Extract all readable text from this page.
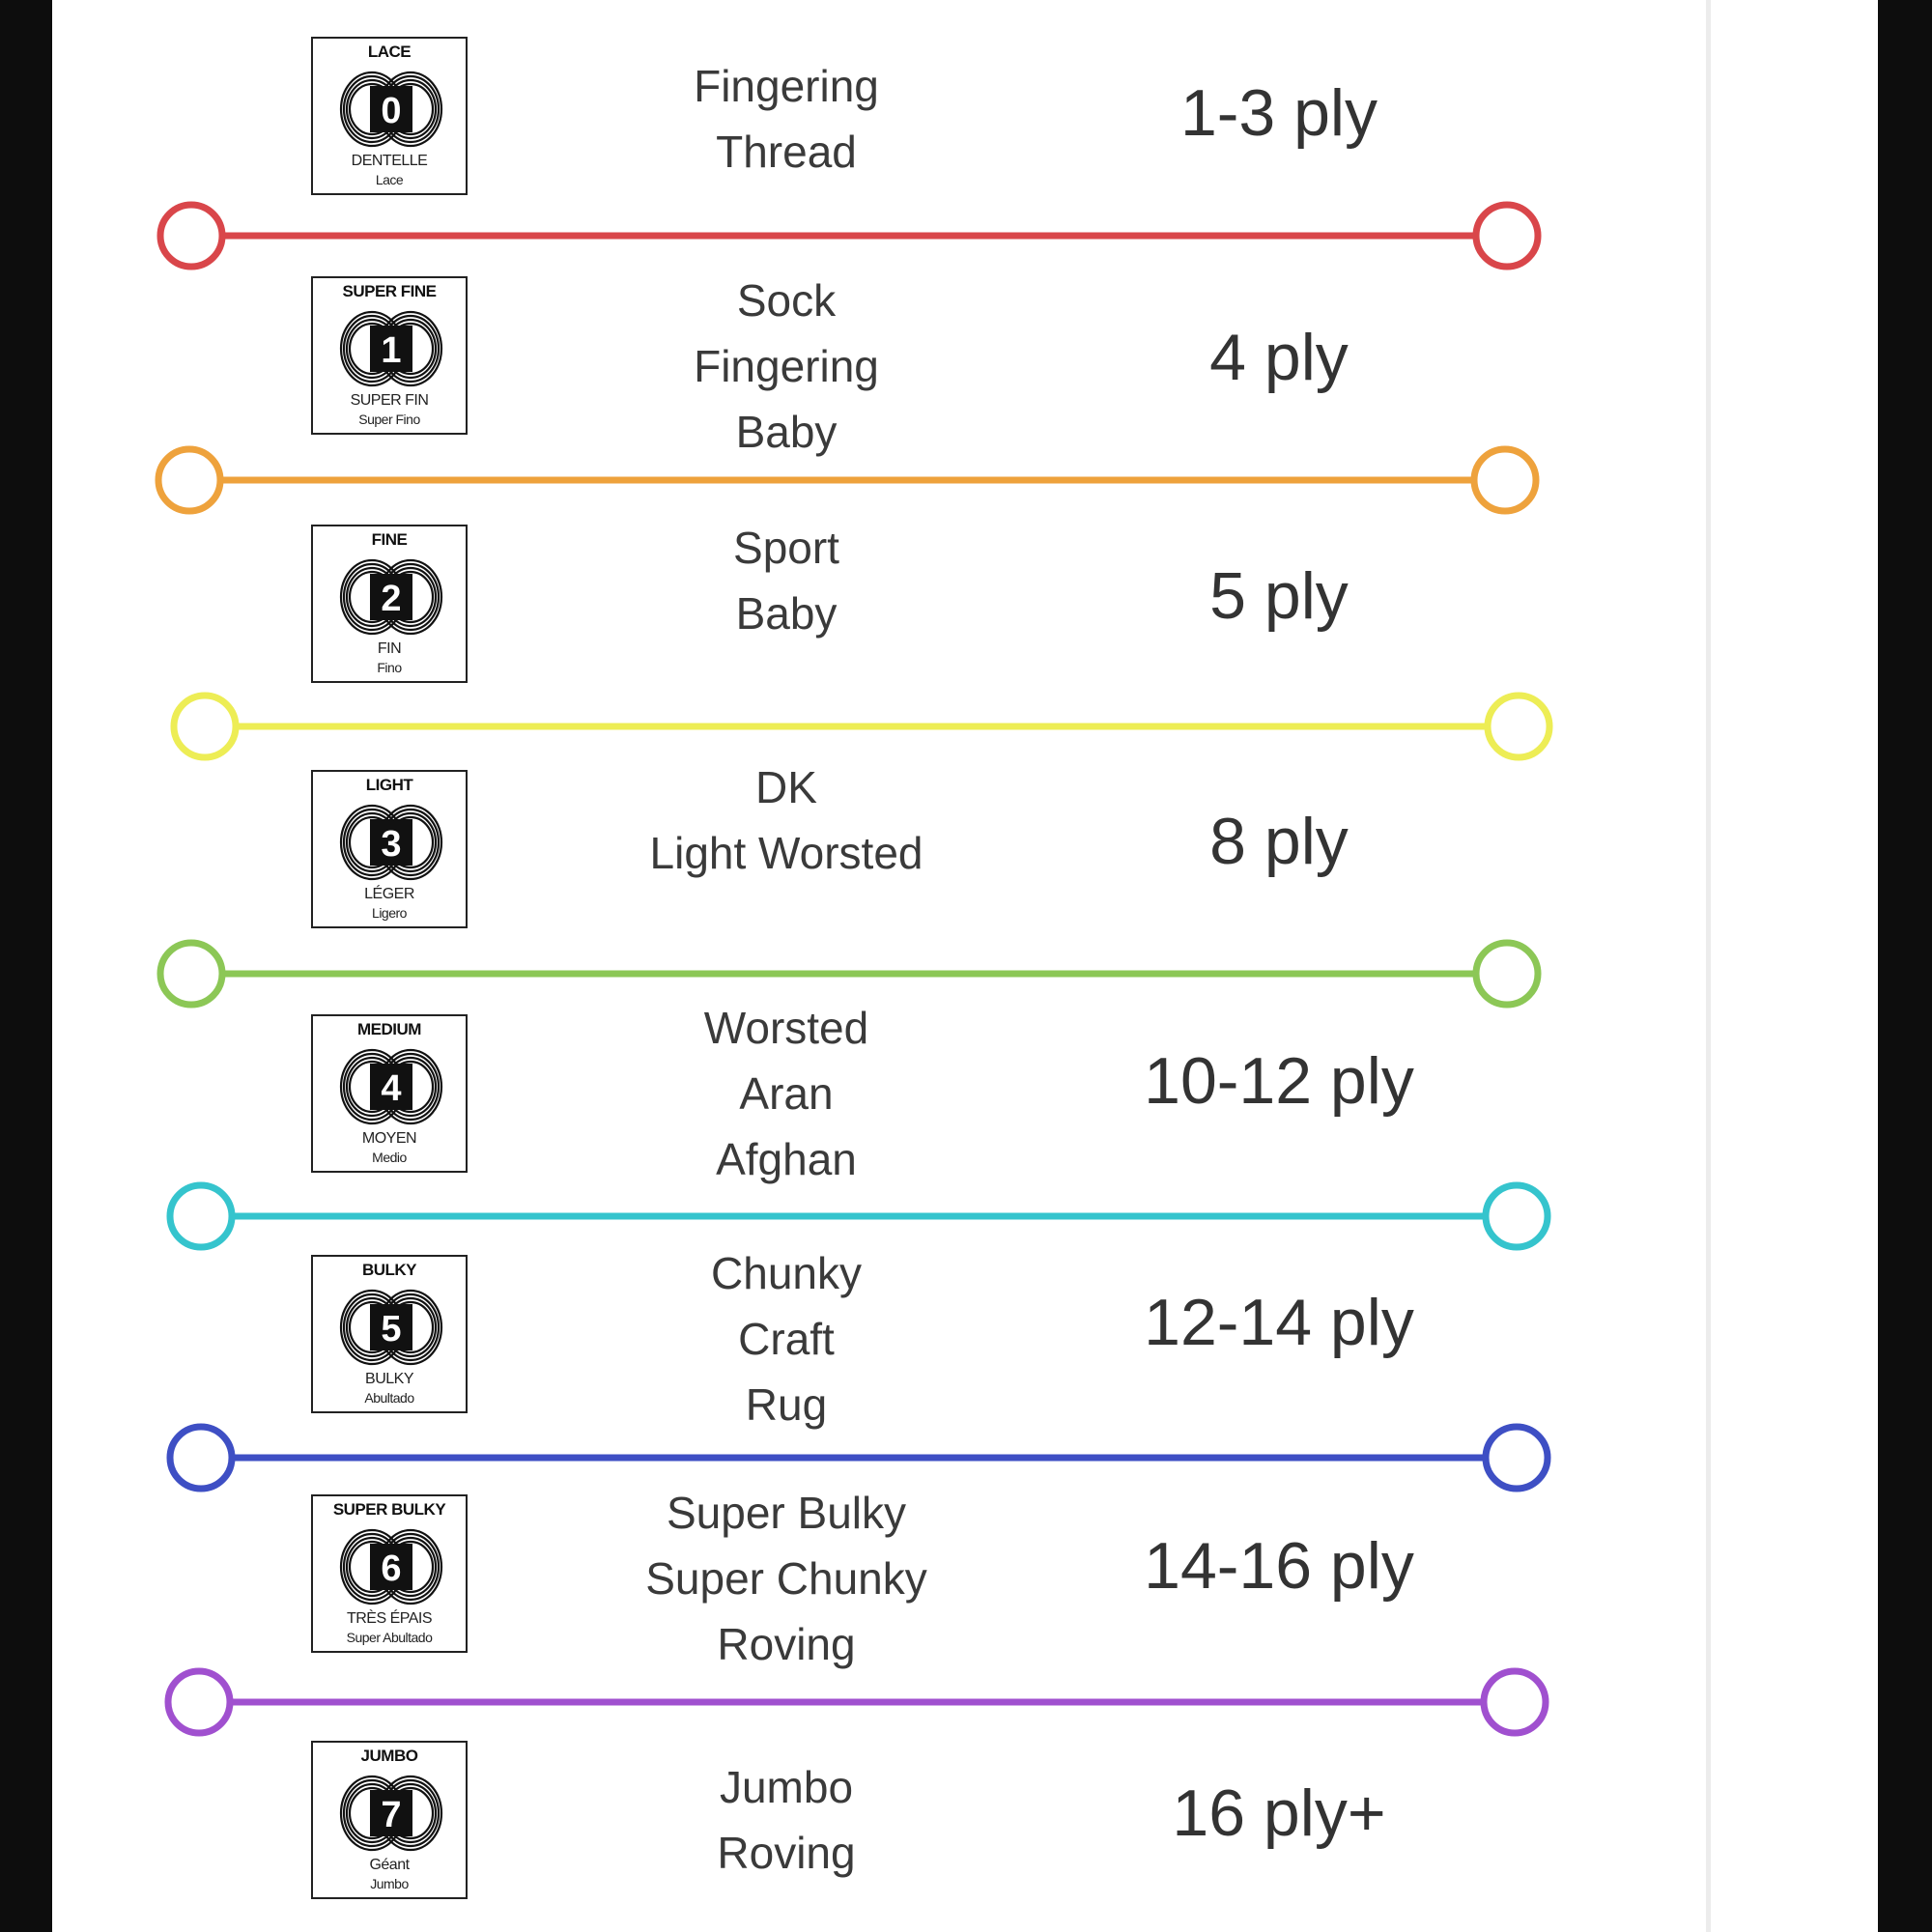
LACE
0
DENTELLE
Lace
Fingering
Thread
1-3 ply
SUPER FINE
1
SUPER FIN
Super Fino
Sock
Fingering
Baby
4 ply
FINE
2
FIN
Fino
Sport
Baby	5 ply
LIGHT
3
LÉGER
Ligero
DK
Light Worsted	8 ply
MEDIUM
4
MOYEN
Medio
Worsted
Aran
Afghan
10-12 ply
BULKY
5
BULKY
Abultado
Chunky
Craft
Rug
12-14 ply
SUPER BULKY
6
TRÈS ÉPAIS
Super Abultado
Super Bulky
Super Chunky
Roving
14-16 ply
JUMBO
7
Géant
Jumbo
Jumbo
Roving
16 ply+
